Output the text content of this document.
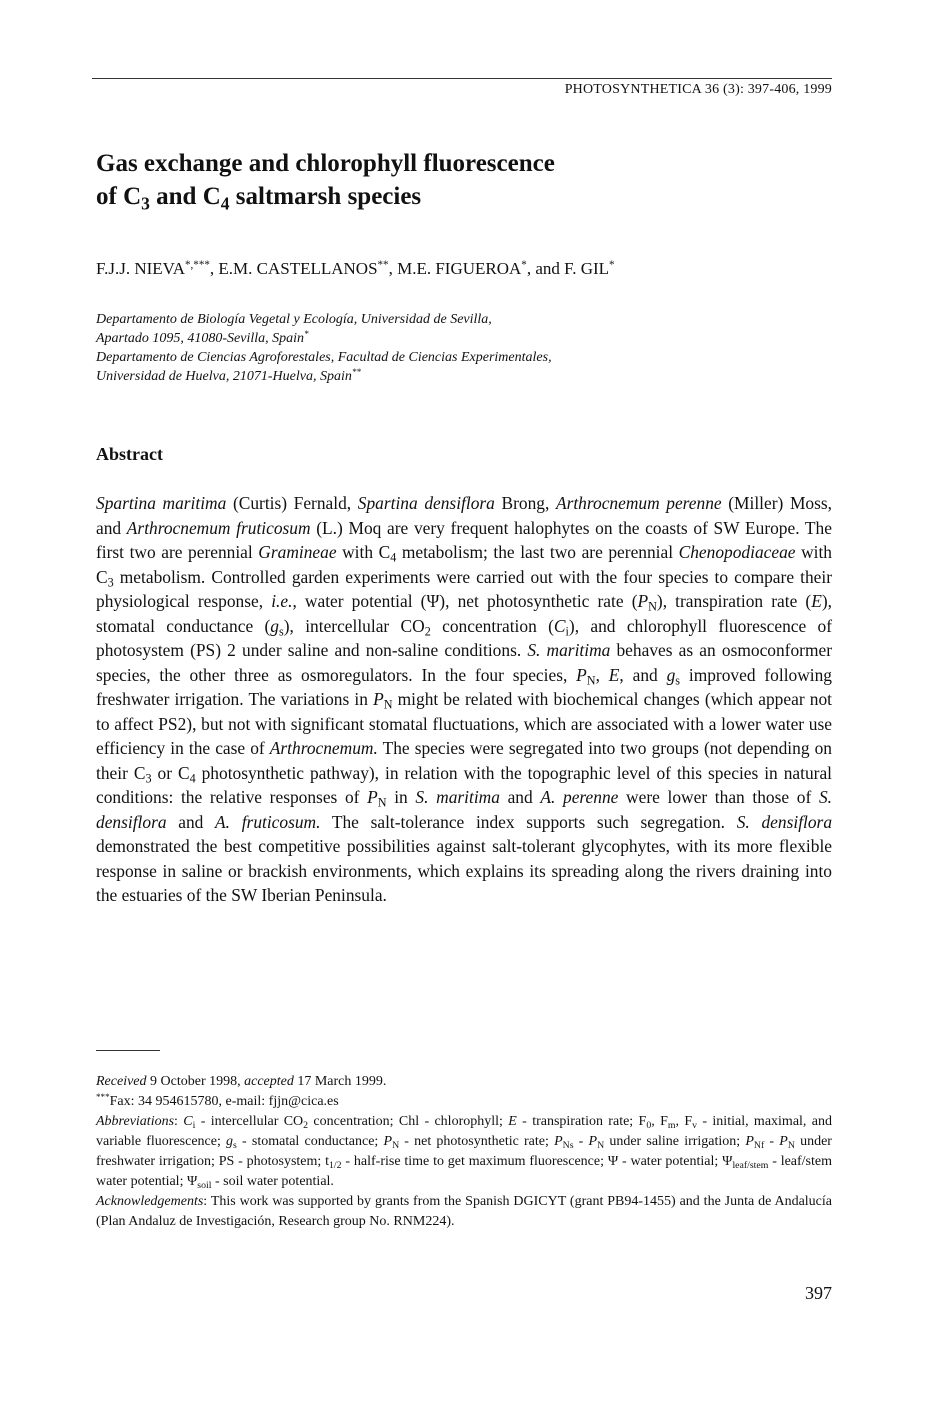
PHOTOSYNTHETICA 36 (3): 397-406, 1999
Gas exchange and chlorophyll fluorescence
of $C_3$ and $C_4$ saltmarsh species
F.J.J. NIEVA*,***, E.M. CASTELLANOS**, M.E. FIGUEROA*, and F. GIL*
Departamento de Biología Vegetal y Ecología, Universidad de Sevilla,
Apartado 1095, 41080-Sevilla, Spain*
Departamento de Ciencias Agroforestales, Facultad de Ciencias Experimentales,
Universidad de Huelva, 21071-Huelva, Spain**
Abstract

Spartina maritima (Curtis) Fernald, Spartina densiflora Brong, Arthrocnemum perenne (Miller) Moss, and Arthrocnemum fruticosum (L.) Moq are very frequent halophytes on the coasts of SW Europe. The first two are perennial Gramineae with $C_4$ metabolism; the last two are perennial Chenopodiaceae with $C_3$ metabolism. Controlled garden experiments were carried out with the four species to compare their physiological response, i.e., water potential (Ψ), net photosynthetic rate $(P_N)$, transpiration rate (E), stomatal conductance $(g_s)$, intercellular $CO_2$ concentration $(C_i)$, and chlorophyll fluorescence of photosystem (PS) 2 under saline and non-saline conditions. S. maritima behaves as an osmoconformer species, the other three as osmoregulators. In the four species, $P_N$, E, and $g_s$ improved following freshwater irrigation. The variations in $P_N$ might be related with biochemical changes (which appear not to affect PS2), but not with significant stomatal fluctuations, which are associated with a lower water use efficiency in the case of Arthrocnemum. The species were segregated into two groups (not depending on their $C_3$ or $C_4$ photosynthetic pathway), in relation with the topographic level of this species in natural conditions: the relative responses of $P_N$ in S. maritima and A. perenne were lower than those of S. densiflora and A. fruticosum. The salt-tolerance index supports such segregation. S. densiflora demonstrated the best competitive possibilities against salt-tolerant glycophytes, with its more flexible response in saline or brackish environments, which explains its spreading along the rivers draining into the estuaries of the SW Iberian Peninsula.

Received 9 October 1998, accepted 17 March 1999.

***Fax: 34 954615780, e-mail: fjjn@cica.es

Abbreviations: $C_i$ - intercellular $CO_2$ concentration; Chl - chlorophyll; E - transpiration rate; $F_0$, $F_m$, $F_v$ - initial, maximal, and variable fluorescence; $g_s$ - stomatal conductance; $P_N$ - net photosynthetic rate; $P_{Ns} - P_N$ under saline irrigation; $P_{Nf} - P_N$ under freshwater irrigation; PS - photosystem; $t_{1/2}$ - half-rise time to get maximum fluorescence; Ψ - water potential; $\Psi_{leaf/stem}$ - leaf/stem water potential; $\Psi_{soil}$ - soil water potential.

Acknowledgements: This work was supported by grants from the Spanish DGICYT (grant PB94-1455) and the Junta de Andalucía (Plan Andaluz de Investigación, Research group No. RNM224).

397
